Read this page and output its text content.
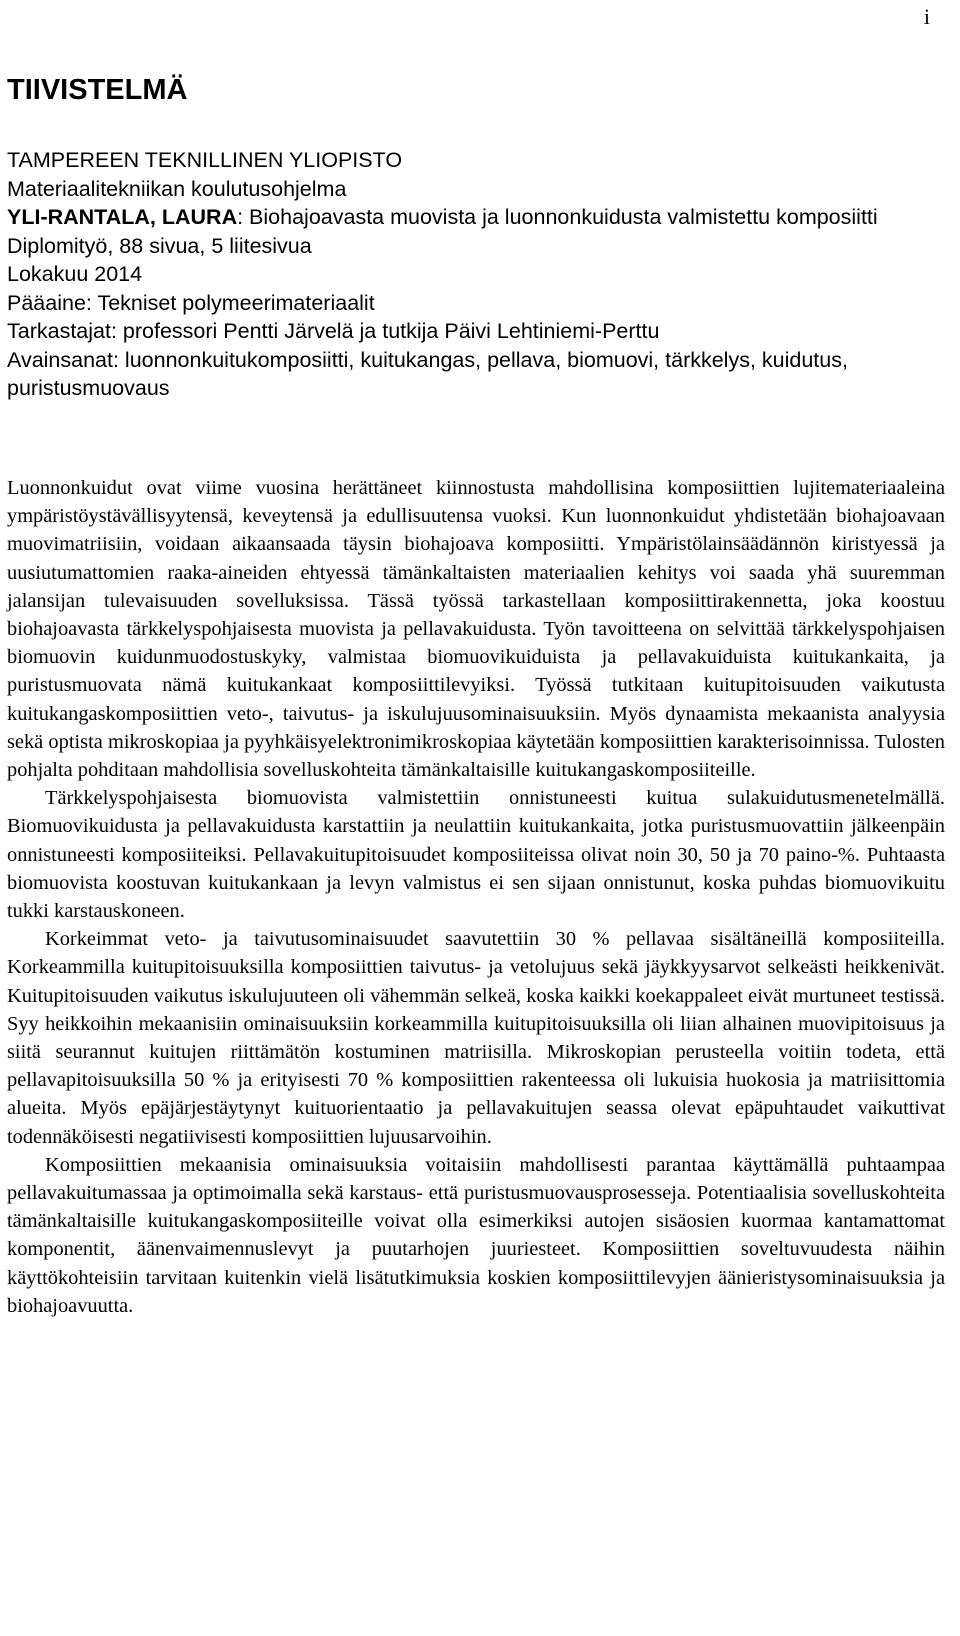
i
TIIVISTELMÄ
TAMPEREEN TEKNILLINEN YLIOPISTO
Materiaalitekniikan koulutusohjelma
YLI-RANTALA, LAURA: Biohajoavasta muovista ja luonnonkuidusta valmistettu komposiitti
Diplomityö, 88 sivua, 5 liitesivua
Lokakuu 2014
Pääaine: Tekniset polymeerimateriaalit
Tarkastajat: professori Pentti Järvelä ja tutkija Päivi Lehtiniemi-Perttu
Avainsanat: luonnonkuitukomposiitti, kuitukangas, pellava, biomuovi, tärkkelys, kuidutus, puristusmuovaus

Luonnonkuidut ovat viime vuosina herättäneet kiinnostusta mahdollisina komposiittien lujitemateriaaleina ympäristöystävällisyytensä, keveytensä ja edullisuutensa vuoksi. Kun luonnonkuidut yhdistetään biohajoavaan muovimatriisiin, voidaan aikaansaada täysin biohajoava komposiitti. Ympäristölainsäädännön kiristyessä ja uusiutumattomien raaka-aineiden ehtyessä tämänkaltaisten materiaalien kehitys voi saada yhä suuremman jalansijan tulevaisuuden sovelluksissa. Tässä työssä tarkastellaan komposiittirakennetta, joka koostuu biohajoavasta tärkkelyspohjaisesta muovista ja pellavakuidusta. Työn tavoitteena on selvittää tärkkelyspohjaisen biomuovin kuidunmuodostuskyky, valmistaa biomuovikuiduista ja pellavakuiduista kuitukankaita, ja puristusmuovata nämä kuitukankaat komposiittilevyiksi. Työssä tutkitaan kuitupitoisuuden vaikutusta kuitukangaskomposiittien veto-, taivutus- ja iskulujuusominaisuuksiin. Myös dynaamista mekaanista analyysia sekä optista mikroskopiaa ja pyyhkäisyelektronimikroskopiaa käytetään komposiittien karakterisoinnissa. Tulosten pohjalta pohditaan mahdollisia sovelluskohteita tämänkaltaisille kuitukangaskomposiiteille.

Tärkkelyspohjaisesta biomuovista valmistettiin onnistuneesti kuitua sulakuidutusmenetelmällä. Biomuovikuidusta ja pellavakuidusta karstattiin ja neulattiin kuitukankaita, jotka puristusmuovattiin jälkeenpäin onnistuneesti komposiiteiksi. Pellavakuitupitoisuudet komposiiteissa olivat noin 30, 50 ja 70 paino-%. Puhtaasta biomuovista koostuvan kuitukankaan ja levyn valmistus ei sen sijaan onnistunut, koska puhdas biomuovikuitu tukki karstauskoneen.

Korkeimmat veto- ja taivutusominaisuudet saavutettiin 30 % pellavaa sisältäneillä komposiiteilla. Korkeammilla kuitupitoisuuksilla komposiittien taivutus- ja vetolujuus sekä jäykkyysarvot selkeästi heikkenivät. Kuitupitoisuuden vaikutus iskulujuuteen oli vähemmän selkeä, koska kaikki koekappaleet eivät murtuneet testissä. Syy heikkoihin mekaanisiin ominaisuuksiin korkeammilla kuitupitoisuuksilla oli liian alhainen muovipitoisuus ja siitä seurannut kuitujen riittämätön kostuminen matriisilla. Mikroskopian perusteella voitiin todeta, että pellavapitoisuuksilla 50 % ja erityisesti 70 % komposiittien rakenteessa oli lukuisia huokosia ja matriisittomia alueita. Myös epäjärjestäytynyt kuituorientaatio ja pellavakuitujen seassa olevat epäpuhtaudet vaikuttivat todennäköisesti negatiivisesti komposiittien lujuusarvoihin.

Komposiittien mekaanisia ominaisuuksia voitaisiin mahdollisesti parantaa käyttämällä puhtaampaa pellavakuitumassaa ja optimoimalla sekä karstaus- että puristusmuovausprosesseja. Potentiaalisia sovelluskohteita tämänkaltaisille kuitukangaskomposiiteille voivat olla esimerkiksi autojen sisäosien kuormaa kantamattomat komponentit, äänenvaimennuslevyt ja puutarhojen juuriesteet. Komposiittien soveltuvuudesta näihin käyttökohteisiin tarvitaan kuitenkin vielä lisätutkimuksia koskien komposiittilevyjen äänieristysominaisuuksia ja biohajoavuutta.
